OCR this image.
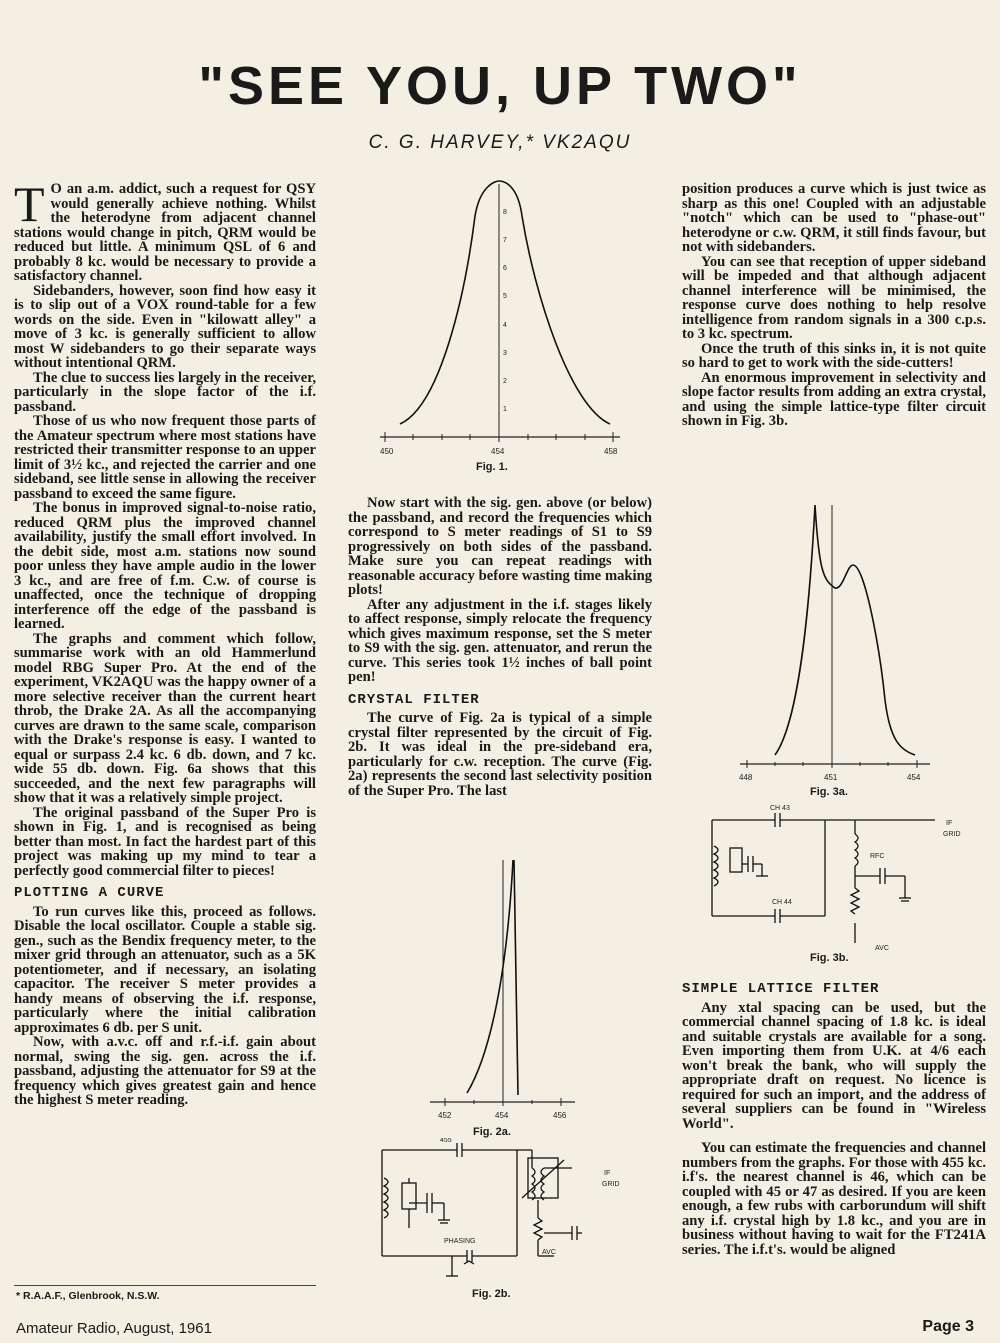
"SEE YOU, UP TWO"
C. G. HARVEY,* VK2AQU

T O an a.m. addict, such a request for QSY would generally achieve nothing. Whilst the heterodyne from adjacent channel stations would change in pitch, QRM would be reduced but little. A minimum QSL of 6 and probably 8 kc. would be necessary to provide a satisfactory channel.

Sidebanders, however, soon find how easy it is to slip out of a VOX round-table for a few words on the side. Even in "kilowatt alley" a move of 3 kc. is generally sufficient to allow most W sidebanders to go their separate ways without intentional QRM.

The clue to success lies largely in the receiver, particularly in the slope factor of the i.f. passband.

Those of us who now frequent those parts of the Amateur spectrum where most stations have restricted their transmitter response to an upper limit of 3½ kc., and rejected the carrier and one sideband, see little sense in allowing the receiver passband to exceed the same figure.

The bonus in improved signal-to-noise ratio, reduced QRM plus the improved channel availability, justify the small effort involved. In the debit side, most a.m. stations now sound poor unless they have ample audio in the lower 3 kc., and are free of f.m. C.w. of course is unaffected, once the technique of dropping interference off the edge of the passband is learned.

The graphs and comment which follow, summarise work with an old Hammerlund model RBG Super Pro. At the end of the experiment, VK2AQU was the happy owner of a more selective receiver than the current heart throb, the Drake 2A. As all the accompanying curves are drawn to the same scale, comparison with the Drake's response is easy. I wanted to equal or surpass 2.4 kc. 6 db. down, and 7 kc. wide 55 db. down. Fig. 6a shows that this succeeded, and the next few paragraphs will show that it was a relatively simple project.

The original passband of the Super Pro is shown in Fig. 1, and is recognised as being better than most. In fact the hardest part of this project was making up my mind to tear a perfectly good commercial filter to pieces!

PLOTTING A CURVE

To run curves like this, proceed as follows. Disable the local oscillator. Couple a stable sig. gen., such as the Bendix frequency meter, to the mixer grid through an attenuator, such as a 5K potentiometer, and if necessary, an isolating capacitor. The receiver S meter provides a handy means of observing the i.f. response, particularly where the initial calibration approximates 6 db. per S unit.

Now, with a.v.c. off and r.f.-i.f. gain about normal, swing the sig. gen. across the i.f. passband, adjusting the attenuator for S9 at the frequency which gives greatest gain and hence the highest S meter reading.

Now start with the sig. gen. above (or below) the passband, and record the frequencies which correspond to S meter readings of S1 to S9 progressively on both sides of the passband. Make sure you can repeat readings with reasonable accuracy before wasting time making plots!

After any adjustment in the i.f. stages likely to affect response, simply relocate the frequency which gives maximum response, set the S meter to S9 with the sig. gen. attenuator, and rerun the curve. This series took 1½ inches of ball point pen!

CRYSTAL FILTER

The curve of Fig. 2a is typical of a simple crystal filter represented by the circuit of Fig. 2b. It was ideal in the pre-sideband era, particularly for c.w. reception. The curve (Fig. 2a) represents the second last selectivity position of the Super Pro. The last

position produces a curve which is just twice as sharp as this one! Coupled with an adjustable "notch" which can be used to "phase-out" heterodyne or c.w. QRM, it still finds favour, but not with sidebanders.

You can see that reception of upper sideband will be impeded and that although adjacent channel interference will be minimised, the response curve does nothing to help resolve intelligence from random signals in a 300 c.p.s. to 3 kc. spectrum.

Once the truth of this sinks in, it is not quite so hard to get to work with the side-cutters!

An enormous improvement in selectivity and slope factor results from adding an extra crystal, and using the simple lattice-type filter circuit shown in Fig. 3b.

SIMPLE LATTICE FILTER

Any xtal spacing can be used, but the commercial channel spacing of 1.8 kc. is ideal and suitable crystals are available for a song. Even importing them from U.K. at 4/6 each won't break the bank, who will supply the appropriate draft on request. No licence is required for such an import, and the address of several suppliers can be found in "Wireless World".

You can estimate the frequencies and channel numbers from the graphs. For those with 455 kc. i.f's. the nearest channel is 46, which can be coupled with 45 or 47 as desired. If you are keen enough, a few rubs with carborundum will shift any i.f. crystal high by 1.8 kc., and you are in business without having to wait for the FT241A series. The i.f.t's. would be aligned

450	454	458
1
2
3
4
5
6
7
8
Fig. 1.
452	454	456
Fig. 2a.
455
IF
GRID
PHASING
AVC
Fig. 2b.
448	451	454
Fig. 3a.
CH 43
CH 44
IF
GRID
RFC
AVC
Fig. 3b.
* R.A.A.F., Glenbrook, N.S.W.
Amateur Radio, August, 1961	Page 3
